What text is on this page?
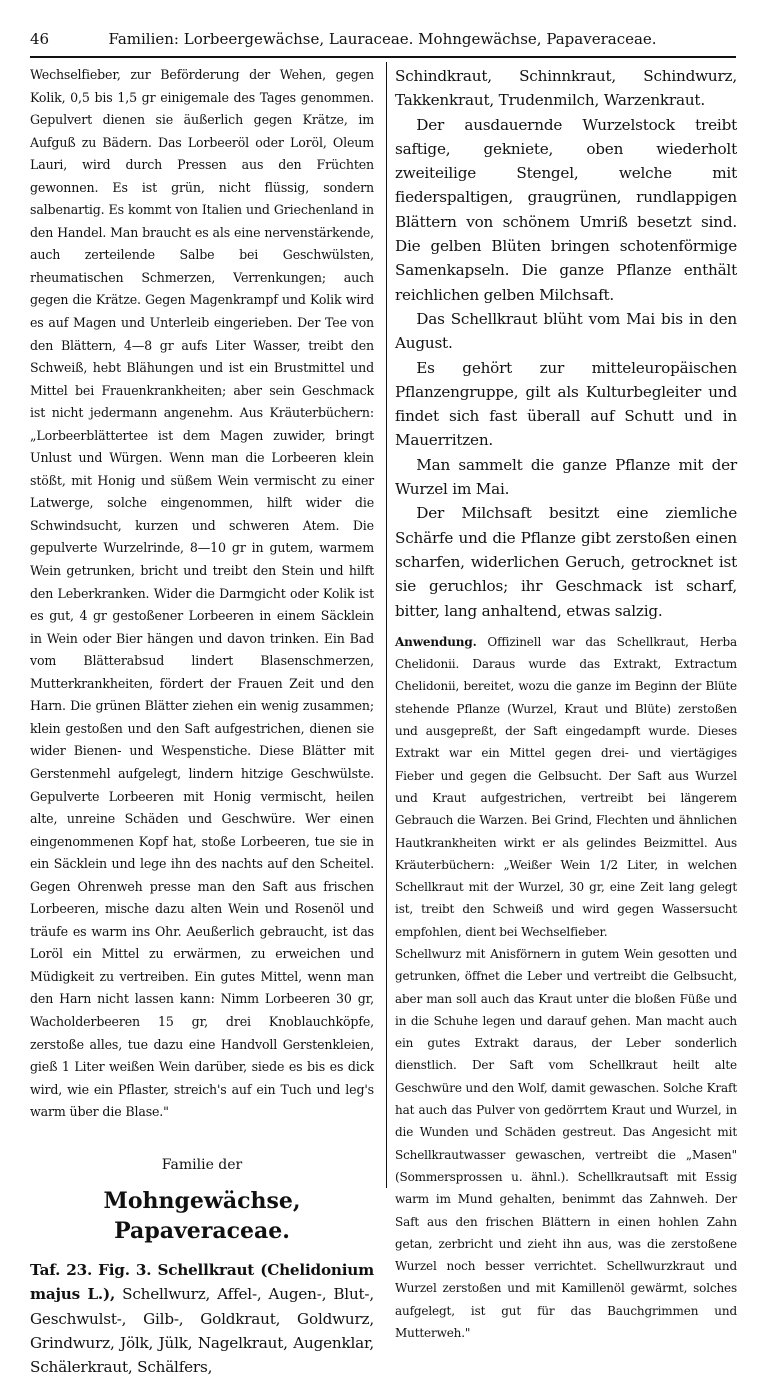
Familien: Lorbeergewächse, Lauraceae. Mohngewächse, Papaveraceae.
46

Wechselfieber, zur Beförderung der Wehen, gegen Kolik, 0,5 bis 1,5 gr einigemale des Tages genommen. Gepulvert dienen sie äußerlich gegen Krätze, im Aufguß zu Bädern. Das Lorbeeröl oder Loröl, Oleum Lauri, wird durch Pressen aus den Früchten gewonnen. Es ist grün, nicht flüssig, sondern salbenartig. Es kommt von Italien und Griechenland in den Handel. Man braucht es als eine nervenstärkende, auch zerteilende Salbe bei Geschwülsten, rheumatischen Schmerzen, Verrenkungen; auch gegen die Krätze. Gegen Magenkrampf und Kolik wird es auf Magen und Unterleib eingerieben. Der Tee von den Blättern, 4—8 gr aufs Liter Wasser, treibt den Schweiß, hebt Blähungen und ist ein Brustmittel und Mittel bei Frauenkrankheiten; aber sein Geschmack ist nicht jedermann angenehm. Aus Kräuterbüchern: „Lorbeerblättertee ist dem Magen zuwider, bringt Unlust und Würgen. Wenn man die Lorbeeren klein stößt, mit Honig und süßem Wein vermischt zu einer Latwerge, solche eingenommen, hilft wider die Schwindsucht, kurzen und schweren Atem. Die gepulverte Wurzelrinde, 8—10 gr in gutem, warmem Wein getrunken, bricht und treibt den Stein und hilft den Leberkranken. Wider die Darmgicht oder Kolik ist es gut, 4 gr gestoßener Lorbeeren in einem Säcklein in Wein oder Bier hängen und davon trinken. Ein Bad vom Blätterabsud lindert Blasenschmerzen, Mutterkrankheiten, fördert der Frauen Zeit und den Harn. Die grünen Blätter ziehen ein wenig zusammen; klein gestoßen und den Saft aufgestrichen, dienen sie wider Bienen- und Wespenstiche. Diese Blätter mit Gerstenmehl aufgelegt, lindern hitzige Geschwülste. Gepulverte Lorbeeren mit Honig vermischt, heilen alte, unreine Schäden und Geschwüre. Wer einen eingenommenen Kopf hat, stoße Lorbeeren, tue sie in ein Säcklein und lege ihn des nachts auf den Scheitel. Gegen Ohrenweh presse man den Saft aus frischen Lorbeeren, mische dazu alten Wein und Rosenöl und träufe es warm ins Ohr. Aeußerlich gebraucht, ist das Loröl ein Mittel zu erwärmen, zu erweichen und Müdigkeit zu vertreiben. Ein gutes Mittel, wenn man den Harn nicht lassen kann: Nimm Lorbeeren 30 gr, Wacholderbeeren 15 gr, drei Knoblauchköpfe, zerstoße alles, tue dazu eine Handvoll Gerstenkleien, gieß 1 Liter weißen Wein darüber, siede es bis es dick wird, wie ein Pflaster, streich's auf ein Tuch und leg's warm über die Blase."

Familie der
Mohngewächse, Papaveraceae.

Taf. 23. Fig. 3. Schellkraut (Chelidonium majus L.), Schellwurz, Affel-, Augen-, Blut-, Geschwulst-, Gilb-, Goldkraut, Goldwurz, Grindwurz, Jölk, Jülk, Nagelkraut, Augenklar, Schälerkraut, Schälfers,

Schindkraut, Schinnkraut, Schindwurz, Takkenkraut, Trudenmilch, Warzenkraut.

Der ausdauernde Wurzelstock treibt saftige, gekniete, oben wiederholt zweiteilige Stengel, welche mit fiederspaltigen, graugrünen, rundlappigen Blättern von schönem Umriß besetzt sind. Die gelben Blüten bringen schotenförmige Samenkapseln. Die ganze Pflanze enthält reichlichen gelben Milchsaft.

Das Schellkraut blüht vom Mai bis in den August.

Es gehört zur mitteleuropäischen Pflanzengruppe, gilt als Kulturbegleiter und findet sich fast überall auf Schutt und in Mauerritzen.

Man sammelt die ganze Pflanze mit der Wurzel im Mai.

Der Milchsaft besitzt eine ziemliche Schärfe und die Pflanze gibt zerstoßen einen scharfen, widerlichen Geruch, getrocknet ist sie geruchlos; ihr Geschmack ist scharf, bitter, lang anhaltend, etwas salzig.

Anwendung. Offizinell war das Schellkraut, Herba Chelidonii. Daraus wurde das Extrakt, Extractum Chelidonii, bereitet, wozu die ganze im Beginn der Blüte stehende Pflanze (Wurzel, Kraut und Blüte) zerstoßen und ausgepreßt, der Saft eingedampft wurde. Dieses Extrakt war ein Mittel gegen drei- und viertägiges Fieber und gegen die Gelbsucht. Der Saft aus Wurzel und Kraut aufgestrichen, vertreibt bei längerem Gebrauch die Warzen. Bei Grind, Flechten und ähnlichen Hautkrankheiten wirkt er als gelindes Beizmittel. Aus Kräuterbüchern: „Weißer Wein 1/2 Liter, in welchen Schellkraut mit der Wurzel, 30 gr, eine Zeit lang gelegt ist, treibt den Schweiß und wird gegen Wassersucht empfohlen, dient bei Wechselfieber.

Schellwurz mit Anisförnern in gutem Wein gesotten und getrunken, öffnet die Leber und vertreibt die Gelbsucht, aber man soll auch das Kraut unter die bloßen Füße und in die Schuhe legen und darauf gehen. Man macht auch ein gutes Extrakt daraus, der Leber sonderlich dienstlich. Der Saft vom Schellkraut heilt alte Geschwüre und den Wolf, damit gewaschen. Solche Kraft hat auch das Pulver von gedörrtem Kraut und Wurzel, in die Wunden und Schäden gestreut. Das Angesicht mit Schellkrautwasser gewaschen, vertreibt die „Masen" (Sommersprossen u. ähnl.). Schellkrautsaft mit Essig warm im Mund gehalten, benimmt das Zahnweh. Der Saft aus den frischen Blättern in einen hohlen Zahn getan, zerbricht und zieht ihn aus, was die zerstoßene Wurzel noch besser verrichtet. Schellwurzkraut und Wurzel zerstoßen und mit Kamillenöl gewärmt, solches aufgelegt, ist gut für das Bauchgrimmen und Mutterweh."
